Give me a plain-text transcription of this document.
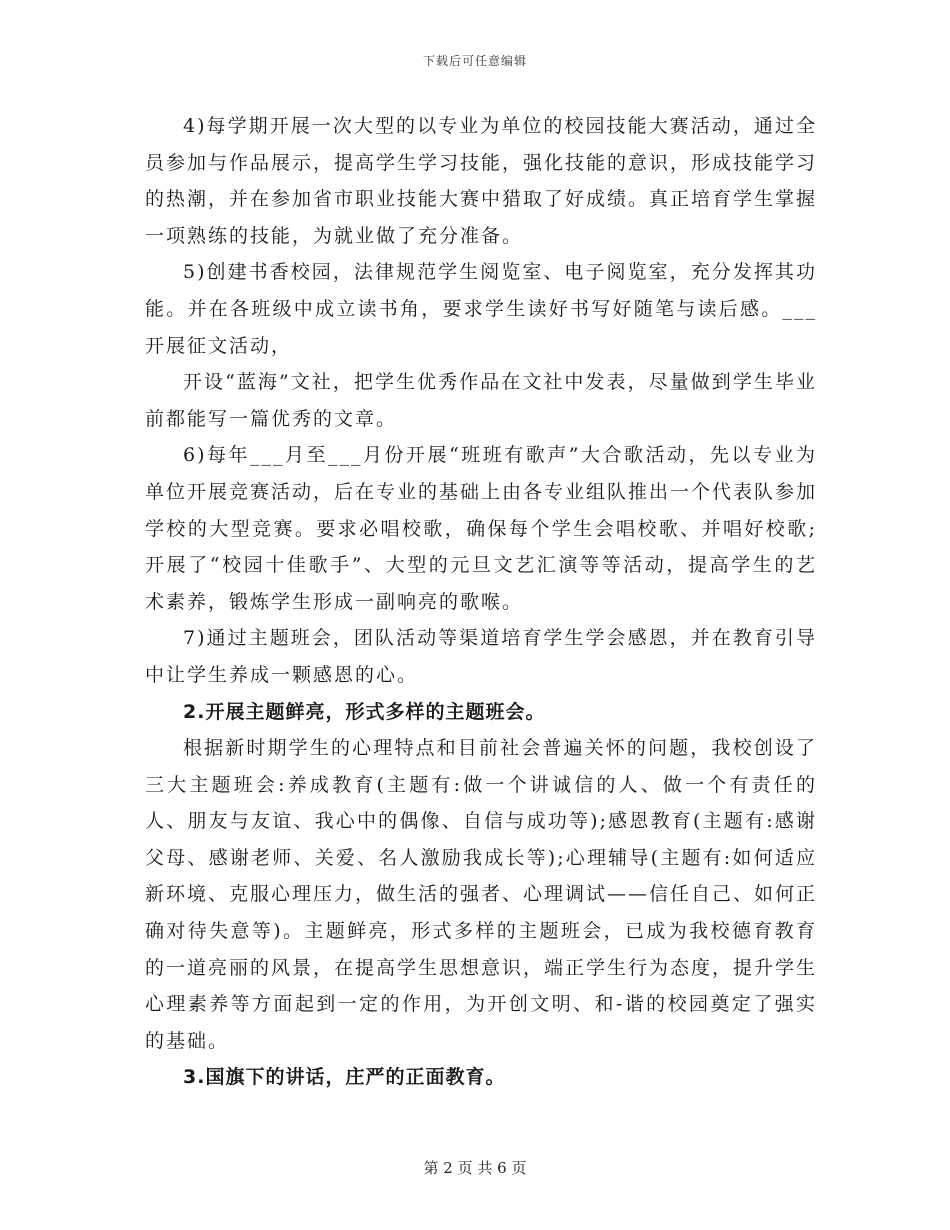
下载后可任意编辑

4)每学期开展一次大型的以专业为单位的校园技能大赛活动，通过全员参加与作品展示，提高学生学习技能，强化技能的意识，形成技能学习的热潮，并在参加省市职业技能大赛中猎取了好成绩。真正培育学生掌握一项熟练的技能，为就业做了充分准备。

5)创建书香校园，法律规范学生阅览室、电子阅览室，充分发挥其功能。并在各班级中成立读书角，要求学生读好书写好随笔与读后感。___开展征文活动，

开设“蓝海”文社，把学生优秀作品在文社中发表，尽量做到学生毕业前都能写一篇优秀的文章。

6)每年___月至___月份开展“班班有歌声”大合歌活动，先以专业为单位开展竞赛活动，后在专业的基础上由各专业组队推出一个代表队参加学校的大型竞赛。要求必唱校歌，确保每个学生会唱校歌、并唱好校歌;开展了“校园十佳歌手”、大型的元旦文艺汇演等等活动，提高学生的艺术素养，锻炼学生形成一副响亮的歌喉。

7)通过主题班会，团队活动等渠道培育学生学会感恩，并在教育引导中让学生养成一颗感恩的心。

2.开展主题鲜亮，形式多样的主题班会。

根据新时期学生的心理特点和目前社会普遍关怀的问题，我校创设了三大主题班会:养成教育(主题有:做一个讲诚信的人、做一个有责任的人、朋友与友谊、我心中的偶像、自信与成功等);感恩教育(主题有:感谢父母、感谢老师、关爱、名人激励我成长等);心理辅导(主题有:如何适应新环境、克服心理压力，做生活的强者、心理调试——信任自己、如何正确对待失意等)。主题鲜亮，形式多样的主题班会，已成为我校德育教育的一道亮丽的风景，在提高学生思想意识，端正学生行为态度，提升学生心理素养等方面起到一定的作用，为开创文明、和-谐的校园奠定了强实的基础。

3.国旗下的讲话，庄严的正面教育。

第 2 页 共 6 页
